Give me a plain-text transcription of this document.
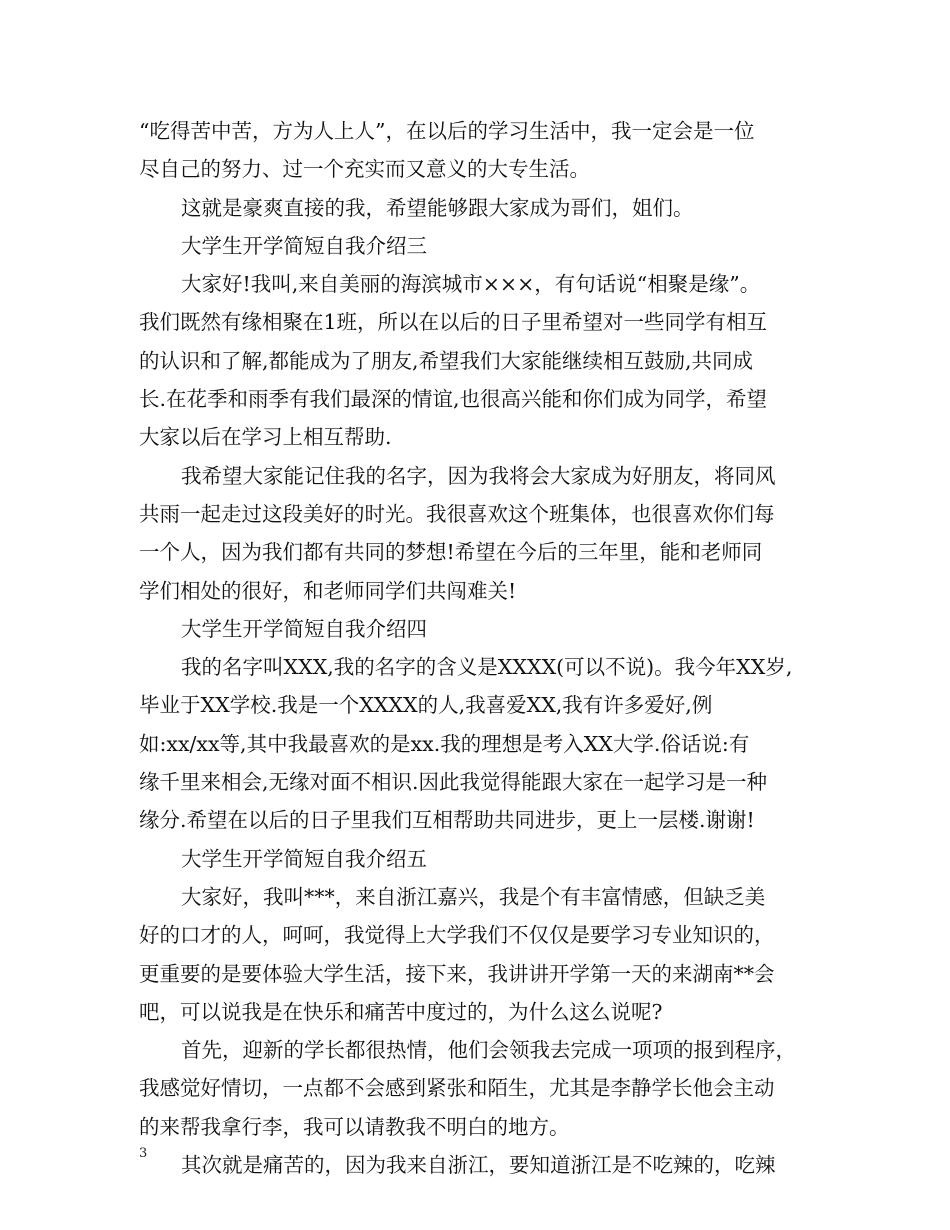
“吃得苦中苦，方为人上人”，在以后的学习生活中，我一定会是一位
尽自己的努力、过一个充实而又意义的大专生活。
这就是豪爽直接的我，希望能够跟大家成为哥们，姐们。
大学生开学简短自我介绍三
大家好!我叫,来自美丽的海滨城市×××，有句话说“相聚是缘”。
我们既然有缘相聚在1班，所以在以后的日子里希望对一些同学有相互
的认识和了解,都能成为了朋友,希望我们大家能继续相互鼓励,共同成
长.在花季和雨季有我们最深的情谊,也很高兴能和你们成为同学，希望
大家以后在学习上相互帮助.
我希望大家能记住我的名字，因为我将会大家成为好朋友，将同风
共雨一起走过这段美好的时光。我很喜欢这个班集体，也很喜欢你们每
一个人，因为我们都有共同的梦想!希望在今后的三年里，能和老师同
学们相处的很好，和老师同学们共闯难关!
大学生开学简短自我介绍四
我的名字叫XXX,我的名字的含义是XXXX(可以不说)。我今年XX岁,
毕业于XX学校.我是一个XXXX的人,我喜爱XX,我有许多爱好,例
如:xx/xx等,其中我最喜欢的是xx.我的理想是考入XX大学.俗话说:有
缘千里来相会,无缘对面不相识.因此我觉得能跟大家在一起学习是一种
缘分.希望在以后的日子里我们互相帮助共同进步，更上一层楼.谢谢!
大学生开学简短自我介绍五
大家好，我叫***，来自浙江嘉兴，我是个有丰富情感，但缺乏美
好的口才的人，呵呵，我觉得上大学我们不仅仅是要学习专业知识的，
更重要的是要体验大学生活，接下来，我讲讲开学第一天的来湖南**会
吧，可以说我是在快乐和痛苦中度过的，为什么这么说呢?
首先，迎新的学长都很热情，他们会领我去完成一项项的报到程序，
我感觉好情切，一点都不会感到紧张和陌生，尤其是李静学长他会主动
的来帮我拿行李，我可以请教我不明白的地方。
其次就是痛苦的，因为我来自浙江，要知道浙江是不吃辣的，吃辣
3
